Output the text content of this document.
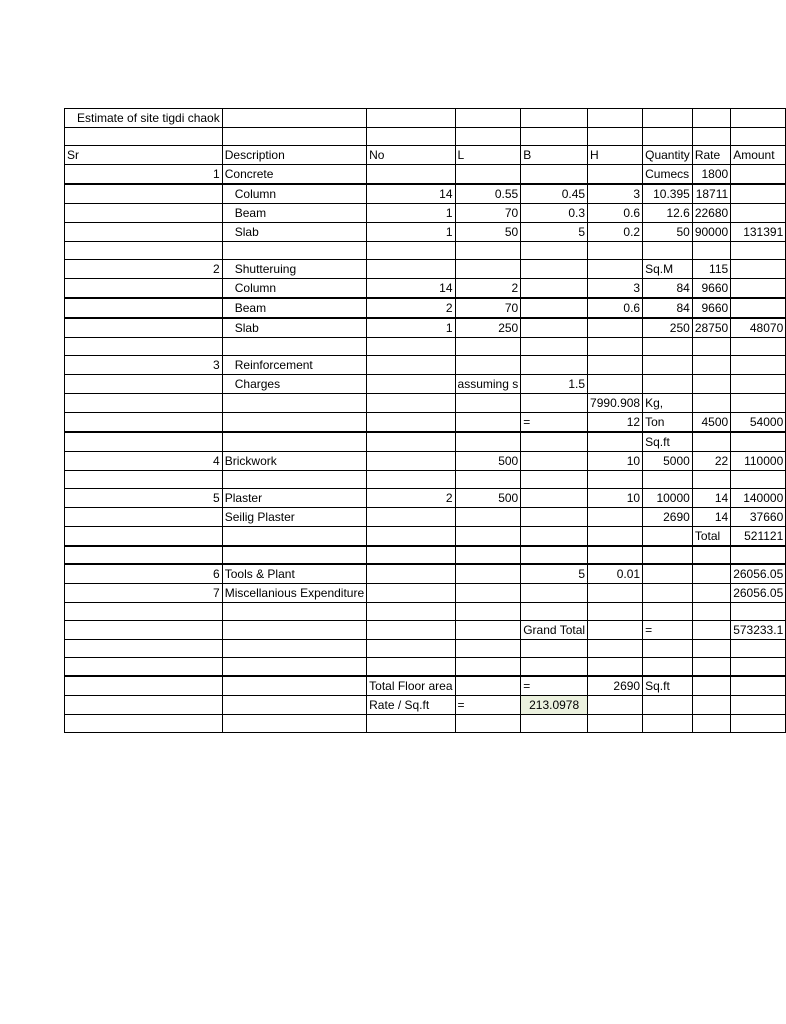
Estimate of site tigdi chaok								

Sr	Description	No	L	B	H	Quantity	Rate	Amount
1	Concrete					Cumecs	1800	
	Column	14	0.55	0.45	3	10.395	18711	
	Beam	1	70	0.3	0.6	12.6	22680	
	Slab	1	50	5	0.2	50	90000	131391

2	Shutteruing					Sq.M	115	
	Column	14	2		3	84	9660	
	Beam	2	70		0.6	84	9660	
	Slab	1	250			250	28750	48070

3	Reinforcement							
	Charges		assuming s	1.5				
					7990.908	Kg,		
				=	12	Ton	4500	54000
						Sq.ft		
4	Brickwork		500		10	5000	22	110000

5	Plaster	2	500		10	10000	14	140000
	Seilig Plaster					2690	14	37660
							Total	521121

6	Tools & Plant			5	0.01			26056.05
7	Miscellanious Expenditure							26056.05

				Grand Total		=		573233.1

		Total Floor area		=	2690	Sq.ft		
		Rate / Sq.ft	=	213.0978				
